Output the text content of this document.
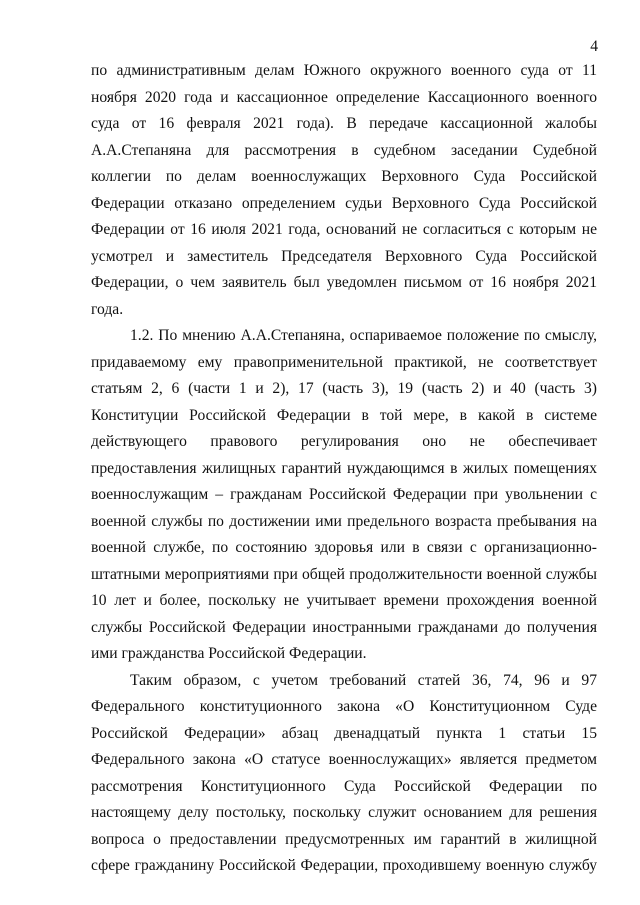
4
по административным делам Южного окружного военного суда от 11
ноября 2020 года и кассационное определение Кассационного военного
суда от 16 февраля 2021 года). В передаче кассационной жалобы
А.А.Степаняна для рассмотрения в судебном заседании Судебной
коллегии по делам военнослужащих Верховного Суда Российской
Федерации отказано определением судьи Верховного Суда Российской
Федерации от 16 июля 2021 года, оснований не согласиться с которым не
усмотрел и заместитель Председателя Верховного Суда Российской
Федерации, о чем заявитель был уведомлен письмом от 16 ноября 2021
года.
1.2. По мнению А.А.Степаняна, оспариваемое положение по смыслу,
придаваемому ему правоприменительной практикой, не соответствует
статьям 2, 6 (части 1 и 2), 17 (часть 3), 19 (часть 2) и 40 (часть 3)
Конституции Российской Федерации в той мере, в какой в системе
действующего правового регулирования оно не обеспечивает
предоставления жилищных гарантий нуждающимся в жилых помещениях
военнослужащим – гражданам Российской Федерации при увольнении с
военной службы по достижении ими предельного возраста пребывания на
военной службе, по состоянию здоровья или в связи с организационно-
штатными мероприятиями при общей продолжительности военной службы
10 лет и более, поскольку не учитывает времени прохождения военной
службы Российской Федерации иностранными гражданами до получения
ими гражданства Российской Федерации.
Таким образом, с учетом требований статей 36, 74, 96 и 97
Федерального конституционного закона «О Конституционном Суде
Российской Федерации» абзац двенадцатый пункта 1 статьи 15
Федерального закона «О статусе военнослужащих» является предметом
рассмотрения Конституционного Суда Российской Федерации по
настоящему делу постольку, поскольку служит основанием для решения
вопроса о предоставлении предусмотренных им гарантий в жилищной
сфере гражданину Российской Федерации, проходившему военную службу
